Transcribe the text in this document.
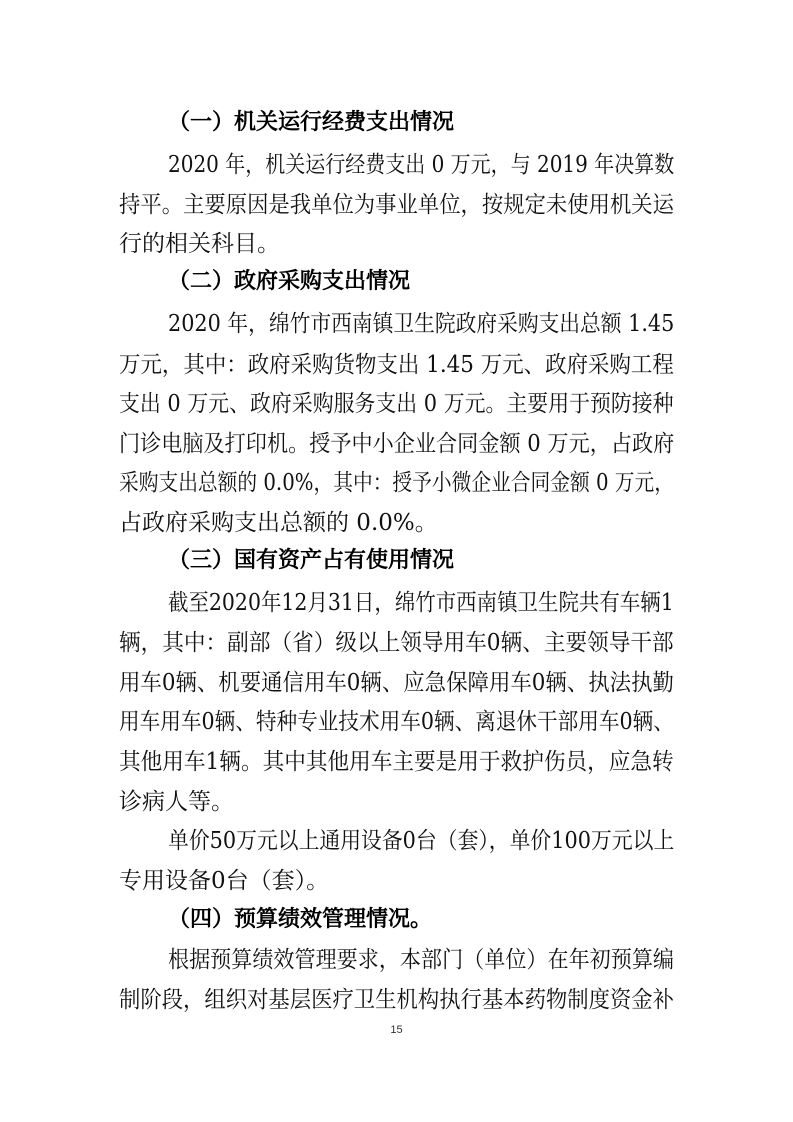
（一）机关运行经费支出情况
2020 年，机关运行经费支出 0 万元，与 2019 年决算数
持平。主要原因是我单位为事业单位，按规定未使用机关运
行的相关科目。
（二）政府采购支出情况
2020 年，绵竹市西南镇卫生院政府采购支出总额 1.45
万元，其中：政府采购货物支出 1.45 万元、政府采购工程
支出 0 万元、政府采购服务支出 0 万元。主要用于预防接种
门诊电脑及打印机。授予中小企业合同金额 0 万元，占政府
采购支出总额的 0.0%，其中：授予小微企业合同金额 0 万元，
占政府采购支出总额的 0.0%。
（三）国有资产占有使用情况
截至2020年12月31日，绵竹市西南镇卫生院共有车辆1
辆，其中：副部（省）级以上领导用车0辆、主要领导干部
用车0辆、机要通信用车0辆、应急保障用车0辆、执法执勤
用车用车0辆、特种专业技术用车0辆、离退休干部用车0辆、
其他用车1辆。其中其他用车主要是用于救护伤员，应急转
诊病人等。
单价50万元以上通用设备0台（套），单价100万元以上
专用设备0台（套）。
（四）预算绩效管理情况。
根据预算绩效管理要求，本部门（单位）在年初预算编
制阶段，组织对基层医疗卫生机构执行基本药物制度资金补
15
